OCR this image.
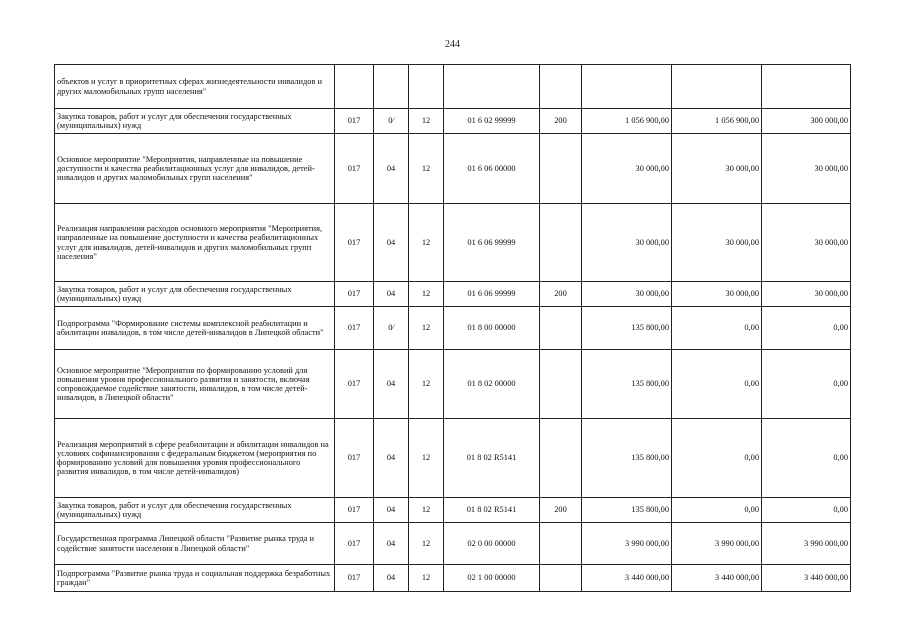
244
объектов и услуг в приоритетных сферах жизнедеятельности инвалидов и других маломобильных групп населения"								
Закупка товаров, работ и услуг для обеспечения государственных (муниципальных) нужд	017	0∕	12	01 6 02 99999	200	1 056 900,00	1 056 900,00	300 000,00
Основное мероприятие "Мероприятия, направленные на повышение доступности и качества реабилитационных услуг для инвалидов, детей-инвалидов и других маломобильных групп населения"	017	04	12	01 6 06 00000		30 000,00	30 000,00	30 000,00
Реализация направления расходов основного мероприятия "Мероприятия, направленные на повышение доступности и качества реабилитационных услуг для инвалидов, детей-инвалидов и других маломобильных групп населения"	017	04	12	01 6 06 99999		30 000,00	30 000,00	30 000,00
Закупка товаров, работ и услуг для обеспечения государственных (муниципальных) нужд	017	04	12	01 6 06 99999	200	30 000,00	30 000,00	30 000,00
Подпрограмма "Формирование системы комплексной реабилитации и абилитации инвалидов, в том числе детей-инвалидов в Липецкой области"	017	0∕	12	01 8 00 00000		135 800,00	0,00	0,00
Основное мероприятие "Мероприятия по формированию условий для повышения уровня профессионального развития и занятости, включая сопровождаемое содействие занятости, инвалидов, в том числе детей-инвалидов, в Липецкой области"	017	04	12	01 8 02 00000		135 800,00	0,00	0,00
Реализация мероприятий в сфере реабилитации и абилитации инвалидов на условиях софинансирования с федеральным бюджетом (мероприятия по формированию условий для повышения уровня профессионального развития инвалидов, в том числе детей-инвалидов)	017	04	12	01 8 02 R5141		135 800,00	0,00	0,00
Закупка товаров, работ и услуг для обеспечения государственных (муниципальных) нужд	017	04	12	01 8 02 R5141	200	135 800,00	0,00	0,00
Государственная программа Липецкой области "Развитие рынка труда и содействие занятости населения в Липецкой области"	017	04	12	02 0 00 00000		3 990 000,00	3 990 000,00	3 990 000,00
Подпрограмма "Развитие рынка труда и социальная поддержка безработных граждан"	017	04	12	02 1 00 00000		3 440 000,00	3 440 000,00	3 440 000,00
